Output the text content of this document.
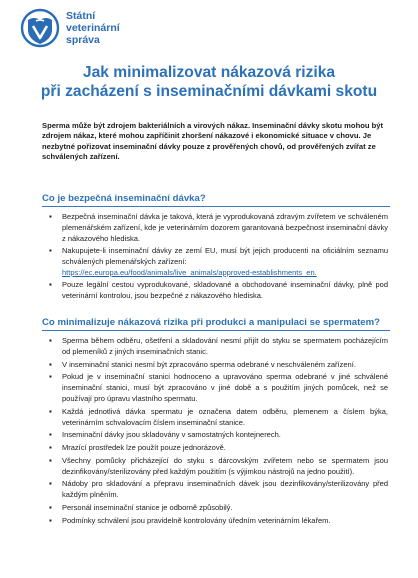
Státní
veterinární
správa
Jak minimalizovat nákazová rizika
při zacházení s inseminačními dávkami skotu

Sperma může být zdrojem bakteriálních a virových nákaz. Inseminační dávky skotu mohou být zdrojem nákaz, které mohou zapříčinit zhoršení nákazové i ekonomické situace v chovu. Je nezbytné pořizovat inseminační dávky pouze z prověřených chovů, od prověřených zvířat ze schválených zařízení.

Co je bezpečná inseminační dávka?
▪ Bezpečná inseminační dávka je taková, která je vyprodukovaná zdravým zvířetem ve schváleném plemenářském zařízení, kde je veterinárním dozorem garantovaná bezpečnost inseminační dávky z nákazového hlediska.
▪ Nakupujete-li inseminační dávky ze zemí EU, musí být jejich producenti na oficiálním seznamu schválených plemenářských zařízení:
https://ec.europa.eu/food/animals/live_animals/approved-establishments_en.
▪ Pouze legální cestou vyprodukované, skladované a obchodované inseminační dávky, plně pod veterinární kontrolou, jsou bezpečné z nákazového hlediska.
Co minimalizuje nákazová rizika při produkci a manipulaci se spermatem?
▪ Sperma během odběru, ošetření a skladování nesmí přijít do styku se spermatem pocházejícím od plemeníků z jiných inseminačních stanic.
▪ V inseminační stanici nesmí být zpracováno sperma odebrané v neschváleném zařízení.
▪ Pokud je v inseminační stanici hodnoceno a upravováno sperma odebrané v jiné schválené inseminační stanici, musí být zpracováno v jiné době a s použitím jiných pomůcek, než se používají pro úpravu vlastního spermatu.
▪ Každá jednotlivá dávka spermatu je označena datem odběru, plemenem a číslem býka, veterinárním schvalovacím číslem inseminační stanice.
▪ Inseminační dávky jsou skladovány v samostatných kontejnerech.
▪ Mrazící prostředek lze použít pouze jednorázově.
▪ Všechny pomůcky přicházející do styku s dárcovským zvířetem nebo se spermatem jsou dezinfikovány/sterilizovány před každým použitím (s výjimkou nástrojů na jedno použití).
▪ Nádoby pro skladování a přepravu inseminačních dávek jsou dezinfikovány/sterilizovány před každým plněním.
▪ Personál inseminační stanice je odborně způsobilý.
▪ Podmínky schválení jsou pravidelně kontrolovány úředním veterinárním lékařem.
